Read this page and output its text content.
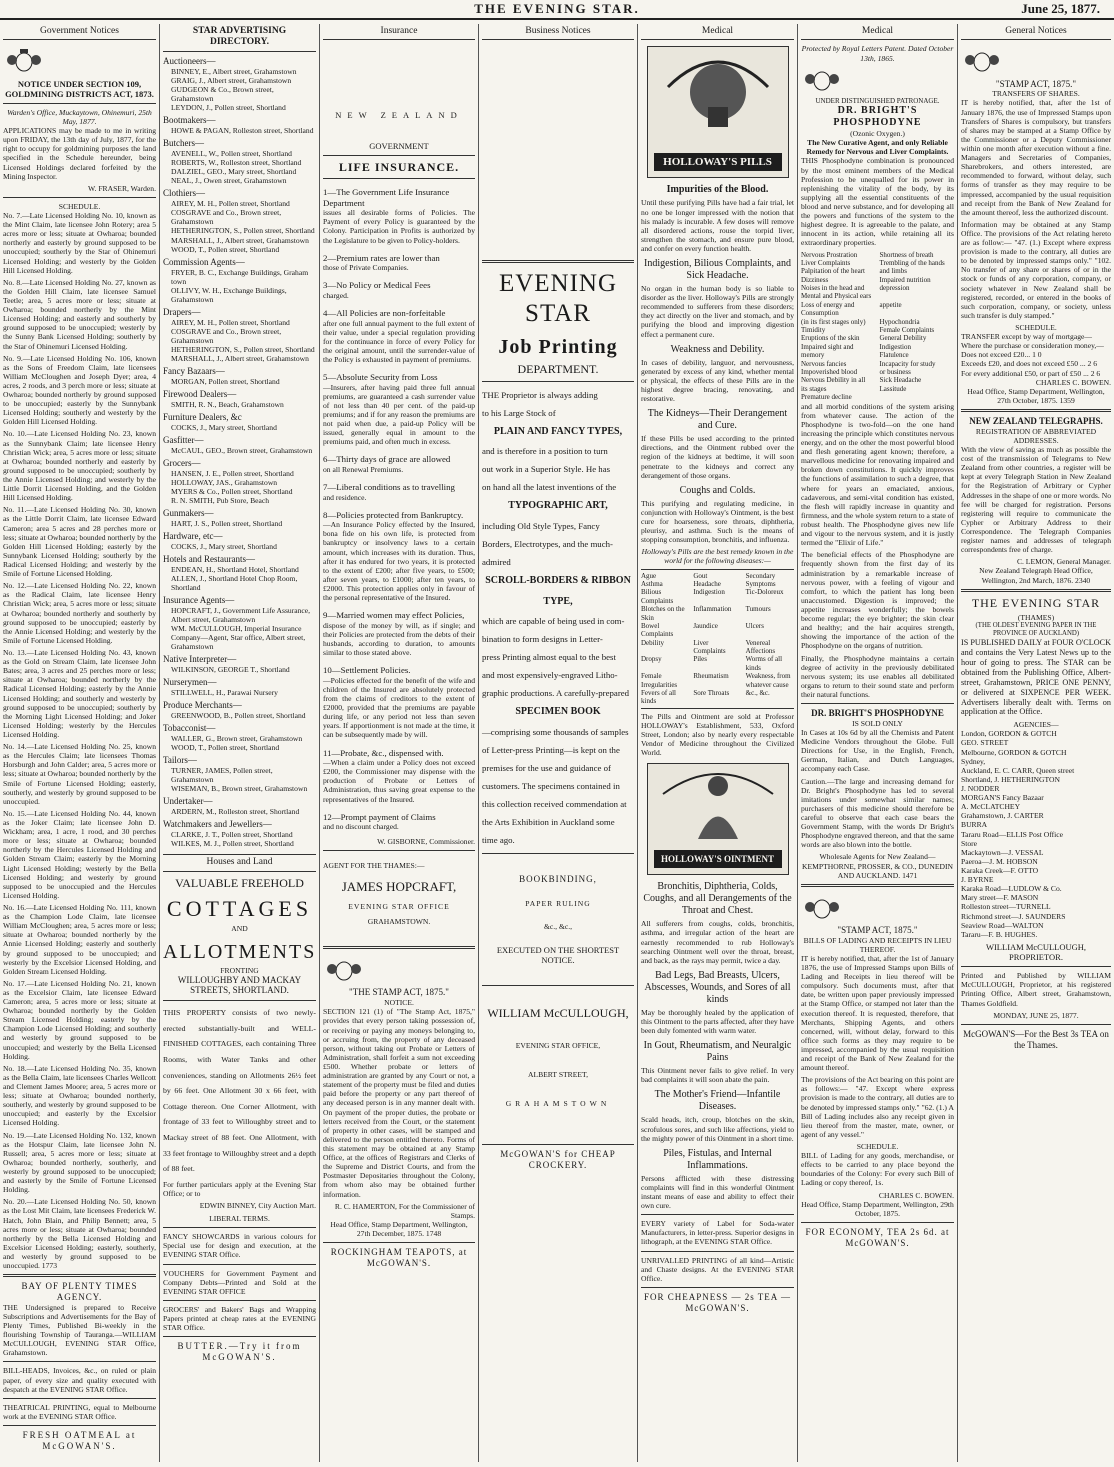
THE EVENING STAR.	June 25, 1877.
Government Notices
NOTICE UNDER SECTION 109, GOLDMINING DISTRICTS ACT, 1873.
Warden's Office, Muckaytown, Ohinemuri, 25th May, 1877.

APPLICATIONS may be made to me in writing upon FRIDAY, the 13th day of July, 1877, for the right to occupy for goldmining purposes the land specified in the Schedule hereunder, being Licensed Holdings declared forfeited by the Mining Inspector.

W. FRASER, Warden.
SCHEDULE.

No. 7.—Late Licensed Holding No. 10, known as the Mint Claim, late licensee John Rotery; area 5 acres more or less; situate at Owharoa; bounded northerly and easterly by ground supposed to be unoccupied; southerly by the Star of Ohinemuri Licensed Holding; and westerly by the Golden Hill Licensed Holding.

No. 8.—Late Licensed Holding No. 27, known as the Golden Hill Claim, late licensee Samuel Teetle; area, 5 acres more or less; situate at Owharoa; bounded northerly by the Mint Licensed Holding; and easterly and southerly by ground supposed to be unoccupied; westerly by the Sunny Bank Licensed Holding; southerly by the Star of Ohinemuri Licensed Holding.

No. 9.—Late Licensed Holding No. 106, known as the Sons of Freedom Claim, late licensees William McCloughen and Joseph Dyer; area, 4 acres, 2 roods, and 3 perch more or less; situate at Owharoa; bounded northerly by ground supposed to be unoccupied; easterly by the Sunnybank Licensed Holding; southerly and westerly by the Golden Hill Licensed Holding.

No. 10.—Late Licensed Holding No. 23, known as the Sunnybank Claim; late licensee Henry Christian Wick; area, 5 acres more or less; situate at Owharoa; bounded northerly and easterly by ground supposed to be unoccupied; southerly by the Annie Licensed Holding; and westerly by the Little Dorrit Licensed Holding, and the Golden Hill Licensed Holding.

No. 11.—Late Licensed Holding No. 30, known as the Little Dorrit Claim, late licensee Edward Cameron; area 5 acres and 28 perches more or less; situate at Owharoa; bounded northerly by the Golden Hill Licensed Holding; easterly by the Sunnybank Licensed Holding; southerly by the Radical Licensed Holding; and westerly by the Smile of Fortune Licensed Holding.

No. 12.—Late Licensed Holding No. 22, known as the Radical Claim, late licensee Henry Christian Wick; area, 5 acres more or less; situate at Owharoa; bounded northerly and southerly by ground supposed to be unoccupied; easterly by the Annie Licensed Holding; and westerly by the Smile of Fortune Licensed Holding.

No. 13.—Late Licensed Holding No. 43, known as the Gold on Stream Claim, late licensee John Bates; area, 3 acres and 25 perches more or less; situate at Owharoa; bounded northerly by the Radical Licensed Holding; easterly by the Annie Licensed Holding; and southerly and westerly by ground supposed to be unoccupied; southerly by the Morning Light Licensed Holding; and Joker Licensed Holding; westerly by the Hercules Licensed Holding.

No. 14.—Late Licensed Holding No. 25, known as the Hercules Claim; late licensees Thomas Horsburgh and John Calder; area, 5 acres more or less; situate at Owharoa; bounded northerly by the Smile of Fortune Licensed Holding; easterly, southerly, and westerly by ground supposed to be unoccupied.

No. 15.—Late Licensed Holding No. 44, known as the Joker Claim; late licensee John D. Wickham; area, 1 acre, 1 rood, and 30 perches more or less; situate at Owharoa; bounded northerly by the Hercules Licensed Holding and Golden Stream Claim; easterly by the Morning Light Licensed Holding; westerly by the Bella Licensed Holding; and westerly by ground supposed to be unoccupied and the Hercules Licensed Holding.

No. 16.—Late Licensed Holding No. 111, known as the Champion Lode Claim, late licensee William McCloughen; area, 5 acres more or less; situate at Owharoa; bounded northerly by the Annie Licensed Holding; easterly and southerly by ground supposed to be unoccupied; and westerly by the Excelsior Licensed Holding, and Golden Stream Licensed Holding.

No. 17.—Late Licensed Holding No. 21, known as the Excelsior Claim, late licensee Edward Cameron; area, 5 acres more or less; situate at Owharoa; bounded northerly by the Golden Stream Licensed Holding; easterly by the Champion Lode Licensed Holding; and southerly and westerly by ground supposed to be unoccupied; and westerly by the Bella Licensed Holding.

No. 18.—Late Licensed Holding No. 35, known as the Bella Claim, late licensees Charles Wellcott and Clement James Moore; area, 5 acres more or less; situate at Owharoa; bounded northerly, southerly, and westerly by ground supposed to be unoccupied; and easterly by the Excelsior Licensed Holding.

No. 19.—Late Licensed Holding No. 132, known as the Hotspur Claim, late licensee John N. Russell; area, 5 acres more or less; situate at Owharoa; bounded northerly, southerly, and westerly by ground supposed to be unoccupied; and easterly by the Smile of Fortune Licensed Holding.

No. 20.—Late Licensed Holding No. 50, known as the Lost Mit Claim, late licensees Frederick W. Hatch, John Blain, and Philip Bennett; area, 5 acres more or less; situate at Owharoa; bounded northerly by the Bella Licensed Holding and Excelsior Licensed Holding; easterly, southerly, and westerly by ground supposed to be unoccupied. 1773

BAY OF PLENTY TIMES AGENCY.

THE Undersigned is prepared to Receive Subscriptions and Advertisements for the Bay of Plenty Times, Published Bi-weekly in the flourishing Township of Tauranga.—WILLIAM McCULLOUGH, EVENING STAR Office, Grahamstown.

BILL-HEADS, Invoices, &c., on ruled or plain paper, of every size and quality executed with despatch at the EVENING STAR Office.

THEATRICAL PRINTING, equal to Melbourne work at the EVENING STAR Office.

FRESH OATMEAL at McGOWAN'S.
STAR ADVERTISING DIRECTORY.
Auctioneers—
BINNEY, E., Albert street, Grahamstown
GRAIG, J., Albert street, Grahamstown
GUDGEON & Co., Brown street, Grahamstown
LEYDON, J., Pollen street, Shortland
Bootmakers—
HOWE & PAGAN, Rolleston street, Shortland
Butchers—
AVENELL, W., Pollen street, Shortland
ROBERTS, W., Rolleston street, Shortland
DALZIEL, GEO., Mary street, Shortland
NEAL, J., Owen street, Grahamstown
Clothiers—
AIREY, M. H., Pollen street, Shortland
COSGRAVE and Co., Brown street, Grahamstown
HETHERINGTON, S., Pollen street, Shortland
MARSHALL, J., Albert street, Grahamstown
WOOD, T., Pollen street, Shortland
Commission Agents—
FRYER, B. C., Exchange Buildings, Graham town
OLLIVY, W. H., Exchange Buildings, Grahamstown
Drapers—
AIREY, M. H., Pollen street, Shortland
COSGRAVE and Co., Brown street, Grahamstown
HETHERINGTON, S., Pollen street, Shortland
MARSHALL, J., Albert street, Grahamstown
Fancy Bazaars—
MORGAN, Pollen street, Shortland
Firewood Dealers—
SMITH, R. N., Beach, Grahamstown
Furniture Dealers, &c
COCKS, J., Mary street, Shortland
Gasfitter—
McCAUL, GEO., Brown street, Grahamstown
Grocers—
HANSEN, J. E., Pollen street, Shortland
HOLLOWAY, JAS., Grahamstown
MYERS & Co., Pollen street, Shortland
R. N. SMITH, Pub Store, Beach
Gunmakers—
HART, J. S., Pollen street, Shortland
Hardware, etc—
COCKS, J., Mary street, Shortland
Hotels and Restaurants—
ENDEAN, H., Shortland Hotel, Shortland
ALLEN, J., Shortland Hotel Chop Room, Shortland
Insurance Agents—
HOPCRAFT, J., Government Life Assurance, Albert street, Grahamstown
WM. McCULLOUGH, Imperial Insurance Company—Agent, Star office, Albert street, Grahamstown
Native Interpreter—
WILKINSON, GEORGE T., Shortland
Nurserymen—
STILLWELL, H., Parawai Nursery
Produce Merchants—
GREENWOOD, B., Pollen street, Shortland
Tobacconist—
WALLER, G., Brown street, Grahamstown
WOOD, T., Pollen street, Shortland
Tailors—
TURNER, JAMES, Pollen street, Grahamstown
WISEMAN, B., Brown street, Grahamstown
Undertaker—
ARDERN, M., Rolleston street, Shortland
Watchmakers and Jewellers—
CLARKE, J. T., Pollen street, Shortland
WILKES, M. J., Pollen street, Shortland
Houses and Land
VALUABLE FREEHOLD
COTTAGES
AND
ALLOTMENTS
FRONTING
WILLOUGHBY AND MACKAY STREETS, SHORTLAND.

THIS PROPERTY consists of two newly-erected substantially-built and WELL-FINISHED COTTAGES, each containing Three Rooms, with Water Tanks and other conveniences, standing on Allotments 26½ feet by 66 feet. One Allotment 30 x 66 feet, with Cottage thereon. One Corner Allotment, with frontage of 33 feet to Willoughby street and to Mackay street of 88 feet. One Allotment, with 33 feet frontage to Willoughby street and a depth of 88 feet.

For further particulars apply at the Evening Star Office; or to

EDWIN BINNEY, City Auction Mart.
LIBERAL TERMS.

FANCY SHOWCARDS in various colours for Special use for design and execution, at the EVENING STAR Office.

VOUCHERS for Government Payment and Company Debts—Printed and Sold at the EVENING STAR OFFICE

GROCERS' and Bakers' Bags and Wrapping Papers printed at cheap rates at the EVENING STAR Office.

BUTTER.—Try it from McGOWAN'S.
Insurance
NEW ZEALAND
GOVERNMENT
LIFE INSURANCE.
1—The Government Life Insurance Department

issues all desirable forms of Policies. The Payment of every Policy is guaranteed by the Colony. Participation in Profits is authorized by the Legislature to be given to Policy-holders.

2—Premium rates are lower than

those of Private Companies.

3—No Policy or Medical Fees

charged.

4—All Policies are non-forfeitable

after one full annual payment to the full extent of their value, under a special regulation providing for the continuance in force of every Policy for the original amount, until the surrender-value of the Policy is exhausted in payment of premiums.

5—Absolute Security from Loss

—Insurers, after having paid three full annual premiums, are guaranteed a cash surrender value of not less than 40 per cent. of the paid-up premiums; and if for any reason the premiums are not paid when due, a paid-up Policy will be issued, generally equal in amount to the premiums paid, and often much in excess.

6—Thirty days of grace are allowed

on all Renewal Premiums.

7—Liberal conditions as to travelling

and residence.

8—Policies protected from Bankruptcy.

—An Insurance Policy effected by the Insured, bona fide on his own life, is protected from bankruptcy or insolvency laws to a certain amount, which increases with its duration. Thus, after it has endured for two years, it is protected to the extent of £200; after five years, to £500; after seven years, to £1000; after ten years, to £2000. This protection applies only in favour of the personal representative of the Insured.

9—Married women may effect Policies,

dispose of the money by will, as if single; and their Policies are protected from the debts of their husbands, according to duration, to amounts similar to those stated above.

10—Settlement Policies.

—Policies effected for the benefit of the wife and children of the Insured are absolutely protected from the claims of creditors to the extent of £2000, provided that the premiums are payable during life, or any period not less than seven years. If apportionment is not made at the time, it can be subsequently made by will.

11—Probate, &c., dispensed with.

—When a claim under a Policy does not exceed £200, the Commissioner may dispense with the production of Probate or Letters of Administration, thus saving great expense to the representatives of the Insured.

12—Prompt payment of Claims

and no discount charged.

W. GISBORNE, Commissioner.
AGENT FOR THE THAMES:—
JAMES HOPCRAFT,
EVENING STAR OFFICE
GRAHAMSTOWN.
"THE STAMP ACT, 1875."
NOTICE.

SECTION 121 (1) of "The Stamp Act, 1875," provides that every person taking possession of, or receiving or paying any moneys belonging to, or accruing from, the property of any deceased person, without taking out Probate or Letters of Administration, shall forfeit a sum not exceeding £500. Whether probate or letters of administration are granted by any Court or not, a statement of the property must be filed and duties paid before the property or any part thereof of any deceased person is in any manner dealt with. On payment of the proper duties, the probate or letters received from the Court, or the statement of property in other cases, will be stamped and delivered to the person entitled thereto. Forms of this statement may be obtained at any Stamp Office, at the offices of Registrars and Clerks of the Supreme and District Courts, and from the Postmaster Depositaries throughout the Colony, from whom also may be obtained further information.

R. C. HAMERTON, For the Commissioner of Stamps.
Head Office, Stamp Department, Wellington, 27th December, 1875. 1748
ROCKINGHAM TEAPOTS, at McGOWAN'S.
Business Notices
EVENING STAR
Job Printing
DEPARTMENT.
THE Proprietor is always adding
to his Large Stock of
PLAIN AND FANCY TYPES,
and is therefore in a position to turn
out work in a Superior Style. He has
on hand all the latest inventions of the
TYPOGRAPHIC ART,
including Old Style Types, Fancy
Borders, Electrotypes, and the much-
admired
SCROLL-BORDERS & RIBBON TYPE,
which are capable of being used in com-
bination to form designs in Letter-
press Printing almost equal to the best
and most expensively-engraved Litho-
graphic productions. A carefully-prepared
SPECIMEN BOOK
—comprising some thousands of samples
of Letter-press Printing—is kept on the
premises for the use and guidance of
customers. The specimens contained in
this collection received commendation at
the Arts Exhibition in Auckland some
time ago.
BOOKBINDING,
PAPER RULING
&c., &c.,
EXECUTED ON THE SHORTEST NOTICE.
WILLIAM McCULLOUGH,
EVENING STAR OFFICE,
ALBERT STREET,
GRAHAMSTOWN
McGOWAN'S for CHEAP CROCKERY.
Medical
HOLLOWAY'S PILLS
Impurities of the Blood.

Until these purifying Pills have had a fair trial, let no one be longer impressed with the notion that his malady is incurable. A few doses will remove all disordered actions, rouse the torpid liver, strengthen the stomach, and ensure pure blood, and confer on every function health.

Indigestion, Bilious Complaints, and Sick Headache.

No organ in the human body is so liable to disorder as the liver. Holloway's Pills are strongly recommended to sufferers from these disorders; they act directly on the liver and stomach, and by purifying the blood and improving digestion effect a permanent cure.

Weakness and Debility.

In cases of debility, languor, and nervousness, generated by excess of any kind, whether mental or physical, the effects of these Pills are in the highest degree bracing, renovating, and restorative.

The Kidneys—Their Derangement and Cure.

If these Pills be used according to the printed directions, and the Ointment rubbed over the region of the kidneys at bedtime, it will soon penetrate to the kidneys and correct any derangement of those organs.

Coughs and Colds.

This purifying and regulating medicine, in conjunction with Holloway's Ointment, is the best cure for hoarseness, sore throats, diphtheria, pleurisy, and asthma. Such is the means of stopping consumption, bronchitis, and influenza.

Holloway's Pills are the best remedy known in the world for the following diseases:—
Ague	Gout	Secondary
Asthma	Headache	Symptoms
Bilious Complaints
Indigestion	Tic-Doloreux
Blotches on the Skin
Inflammation	Tumours
Bowel Complaints
Jaundice	Ulcers
Debility	Liver Complaints
Venereal Affections
Dropsy	Piles	Worms of all kinds
Female Irregularities
Rheumatism	Weakness, from whatever cause
Fevers of all kinds
Sore Throats	&c., &c.

The Pills and Ointment are sold at Professor HOLLOWAY's Establishment, 533, Oxford Street, London; also by nearly every respectable Vendor of Medicine throughout the Civilized World.

HOLLOWAY'S OINTMENT
Bronchitis, Diphtheria, Colds, Coughs, and all Derangements of the Throat and Chest.

All sufferers from coughs, colds, bronchitis, asthma, and irregular action of the heart are earnestly recommended to rub Holloway's searching Ointment well over the throat, breast, and back, as the rays may permit, twice a day.

Bad Legs, Bad Breasts, Ulcers, Abscesses, Wounds, and Sores of all kinds

May be thoroughly healed by the application of this Ointment to the parts affected, after they have been duly fomented with warm water.

In Gout, Rheumatism, and Neuralgic Pains

This Ointment never fails to give relief. In very bad complaints it will soon abate the pain.

The Mother's Friend—Infantile Diseases.

Scald heads, itch, croup, blotches on the skin, scrofulous sores, and such like affections, yield to the mighty power of this Ointment in a short time.

Piles, Fistulas, and Internal Inflammations.

Persons afflicted with these distressing complaints will find in this wonderful Ointment instant means of ease and ability to effect their own cure.

EVERY variety of Label for Soda-water Manufacturers, in letter-press. Superior designs in lithograph, at the EVENING STAR Office.

UNRIVALLED PRINTING of all kind—Artistic and Chaste designs. At the EVENING STAR Office.

FOR CHEAPNESS — 2s TEA — McGOWAN'S.
Medical
Protected by Royal Letters Patent. Dated October 13th, 1865.
UNDER DISTINGUISHED PATRONAGE.
DR. BRIGHT'S PHOSPHODYNE
(Ozonic Oxygen.)
The New Curative Agent, and only Reliable Remedy for Nervous and Liver Complaints.

THIS Phosphodyne combination is pronounced by the most eminent members of the Medical Profession to be unequalled for its power in replenishing the vitality of the body, by its supplying all the essential constituents of the blood and nerve substance, and for developing all the powers and functions of the system to the highest degree. It is agreeable to the palate, and innocent in its action, while retaining all its extraordinary properties.

Nervous Prostration	Shortness of breath
Liver Complaints	Trembling of the hands
Palpitation of the heart	and limbs
Dizziness	Impaired nutrition
Noises in the head and Mental and Physical ears
depression
Loss of energy and Consumption
appetite
(in its first stages only)	Hypochondria
Timidity	Female Complaints
Eruptions of the skin	General Debility
Impaired sight and	Indigestion
memory	Flatulence
Nervous fancies	Incapacity for study
Impoverished blood	or business
Nervous Debility in all	Sick Headache
its stages	Lassitude
Premature decline

and all morbid conditions of the system arising from whatever cause. The action of the Phosphodyne is two-fold—on the one hand increasing the principle which constitutes nervous energy, and on the other the most powerful blood and flesh generating agent known; therefore, a marvellous medicine for renovating impaired and broken down constitutions. It quickly improves the functions of assimilation to such a degree, that where for years an emaciated, anxious, cadaverous, and semi-vital condition has existed, the flesh will rapidly increase in quantity and firmness, and the whole system return to a state of robust health. The Phosphodyne gives new life and vigour to the nervous system, and it is justly termed the "Elixir of Life."

The beneficial effects of the Phosphodyne are frequently shown from the first day of its administration by a remarkable increase of nervous power, with a feeling of vigour and comfort, to which the patient has long been unaccustomed. Digestion is improved; the appetite increases wonderfully; the bowels become regular; the eye brighter; the skin clear and healthy; and the hair acquires strength, showing the importance of the action of the Phosphodyne on the organs of nutrition.

Finally, the Phosphodyne maintains a certain degree of activity in the previously debilitated nervous system; its use enables all debilitated organs to return to their sound state and perform their natural functions.

DR. BRIGHT'S PHOSPHODYNE
IS SOLD ONLY

In Cases at 10s 6d by all the Chemists and Patent Medicine Vendors throughout the Globe. Full Directions for Use, in the English, French, German, Italian, and Dutch Languages, accompany each Case.

Caution.—The large and increasing demand for Dr. Bright's Phosphodyne has led to several imitations under somewhat similar names; purchasers of this medicine should therefore be careful to observe that each case bears the Government Stamp, with the words Dr Bright's Phosphodyne engraved thereon, and that the same words are also blown into the bottle.

Wholesale Agents for New Zealand— KEMPTHORNE, PROSSER, & CO., DUNEDIN AND AUCKLAND. 1471
"STAMP ACT, 1875."
BILLS OF LADING AND RECEIPTS IN LIEU THEREOF.

IT is hereby notified, that, after the 1st of January 1876, the use of Impressed Stamps upon Bills of Lading and Receipts in lieu thereof will be compulsory. Such documents must, after that date, be written upon paper previously impressed at the Stamp Office, or stamped not later than the execution thereof. It is requested, therefore, that Merchants, Shipping Agents, and others concerned, will, without delay, forward to this office such forms as they may require to be impressed, accompanied by the usual requisition and receipt of the Bank of New Zealand for the amount thereof.

The provisions of the Act bearing on this point are as follows:— "47. Except where express provision is made to the contrary, all duties are to be denoted by impressed stamps only." "62. (1.) A Bill of Lading includes also any receipt given in lieu thereof from the master, mate, owner, or agent of any vessel."

SCHEDULE.

BILL of Lading for any goods, merchandise, or effects to be carried to any place beyond the boundaries of the Colony: For every such Bill of Lading or copy thereof, 1s.

CHARLES C. BOWEN.
Head Office, Stamp Department, Wellington, 29th October, 1875.
FOR ECONOMY, TEA 2s 6d. at McGOWAN'S.
General Notices
"STAMP ACT, 1875."
TRANSFERS OF SHARES.

IT is hereby notified, that, after the 1st of January 1876, the use of Impressed Stamps upon Transfers of Shares is compulsory, but transfers of shares may be stamped at a Stamp Office by the Commissioner or a Deputy Commissioner within one month after execution without a fine. Managers and Secretaries of Companies, Sharebrokers, and others interested, are recommended to forward, without delay, such forms of transfer as they may require to be impressed, accompanied by the usual requisition and receipt from the Bank of New Zealand for the amount thereof, less the authorized discount.

Information may be obtained at any Stamp Office. The provisions of the Act relating hereto are as follow:— "47. (1.) Except where express provision is made to the contrary, all duties are to be denoted by impressed stamps only." "102. No transfer of any share or shares of or in the stock or funds of any corporation, company, or society whatever in New Zealand shall be registered, recorded, or entered in the books of such corporation, company, or society, unless such transfer is duly stamped."

SCHEDULE.
TRANSFER except by way of mortgage—
Where the purchase or consideration money,—
Does not exceed £20... 1 0
Exceeds £20, and does not exceed £50 ... 2 6
For every additional £50, or part of £50 ... 2 6
CHARLES C. BOWEN.
Head Office, Stamp Department, Wellington, 27th October, 1875. 1359
NEW ZEALAND TELEGRAPHS.
REGISTRATION OF ABBREVIATED ADDRESSES.

With the view of saving as much as possible the cost of the transmission of Telegrams to New Zealand from other countries, a register will be kept at every Telegraph Station in New Zealand for the Registration of Arbitrary or Cypher Addresses in the shape of one or more words. No fee will be charged for registration. Persons registering will require to communicate the Cypher or Arbitrary Address to their Correspondence. The Telegraph Companies register names and addresses of telegraph correspondents free of charge.

C. LEMON, General Manager.
New Zealand Telegraph Head Office, Wellington, 2nd March, 1876. 2340
THE EVENING STAR
(THAMES)
(THE OLDEST EVENING PAPER IN THE PROVINCE OF AUCKLAND)

IS PUBLISHED DAILY at FOUR O'CLOCK and contains the Very Latest News up to the hour of going to press. The STAR can be obtained from the Publishing Office, Albert-street, Grahamstown, PRICE ONE PENNY, or delivered at SIXPENCE PER WEEK. Advertisers liberally dealt with. Terms on application at the Office.

AGENCIES—
London, GORDON & GOTCH
GEO. STREET
Melbourne, GORDON & GOTCH
Sydney,
Auckland, E. C. CARR, Queen street
Shortland, J. HETHERINGTON
J. NODDER
MORGAN'S Fancy Bazaar
A. McCLATCHEY
Grahamstown, J. CARTER
BURRA
Tararu Road—ELLIS Post Office
Store
Mackaytown—J. VESSAL
Paeroa—J. M. HOBSON
Karaka Creek—F. OTTO
J. BYRNE
Karaka Road—LUDLOW & Co.
Mary street—F. MASON
Rolleston street—TURNELL
Richmond street—J. SAUNDERS
Seaview Road—WALTON
Tararu—F. B. HUGHES.
WILLIAM McCULLOUGH, PROPRIETOR.

Printed and Published by WILLIAM McCULLOUGH, Proprietor, at his registered Printing Office, Albert street, Grahamstown, Thames Goldfield.

MONDAY, JUNE 25, 1877.
McGOWAN'S—For the Best 3s TEA on the Thames.
